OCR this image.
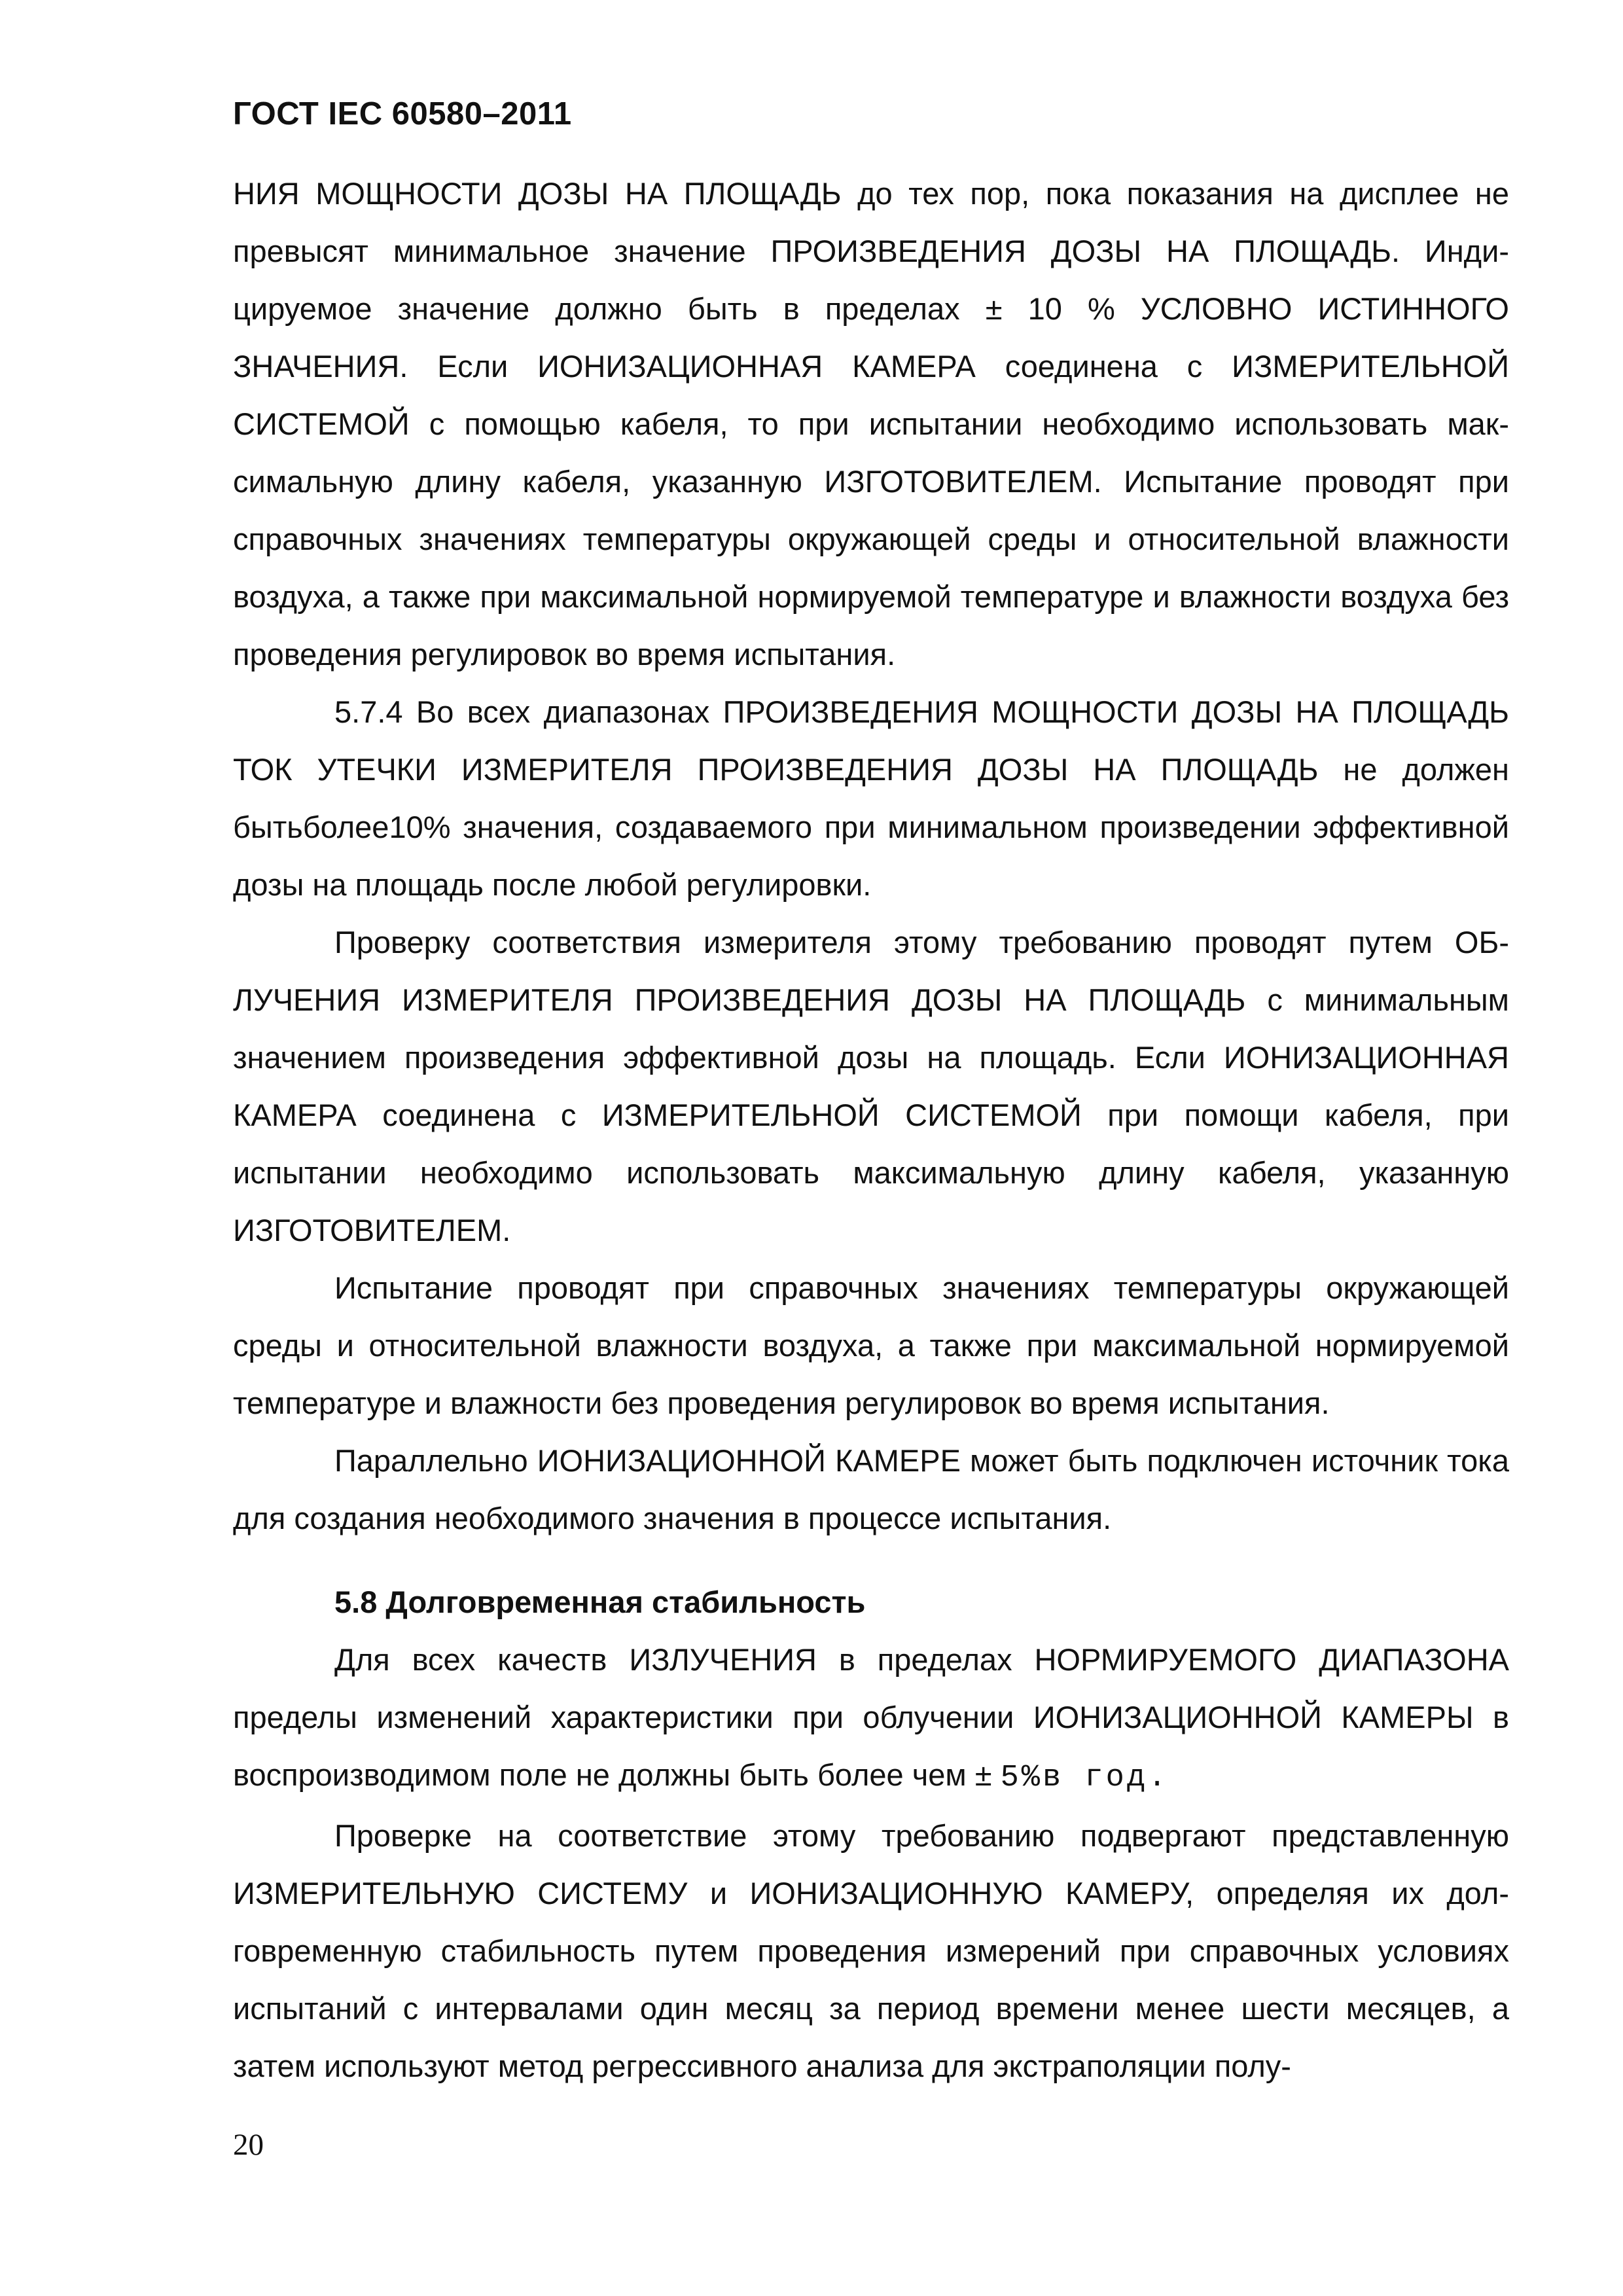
ГОСТ IEC 60580–2011

НИЯ МОЩНОСТИ ДОЗЫ НА ПЛОЩАДЬ до тех пор, пока показания на дисплее не превысят минимальное значение ПРОИЗВЕДЕНИЯ ДОЗЫ НА ПЛОЩАДЬ. Индицируемое значение должно быть в пределах ± 10 % УСЛОВНО ИСТИННОГО ЗНАЧЕНИЯ. Если ИОНИЗАЦИОННАЯ КАМЕРА соединена с ИЗМЕРИТЕЛЬНОЙ СИСТЕМОЙ с помощью кабеля, то при испытании необходимо использовать максимальную длину кабеля, указанную ИЗГОТОВИТЕЛЕМ. Испытание проводят при справочных значениях температуры окружающей среды и относительной влажности воздуха, а также при максимальной нормируемой температуре и влажности воздуха без проведения регулировок во время испытания.

5.7.4 Во всех диапазонах ПРОИЗВЕДЕНИЯ МОЩНОСТИ ДОЗЫ НА ПЛОЩАДЬ ТОК УТЕЧКИ ИЗМЕРИТЕЛЯ ПРОИЗВЕДЕНИЯ ДОЗЫ НА ПЛОЩАДЬ не должен бытьболее10% значения, создаваемого при минимальном произведении эффективной дозы на площадь после любой регулировки.

Проверку соответствия измерителя этому требованию проводят путем ОБЛУЧЕНИЯ ИЗМЕРИТЕЛЯ ПРОИЗВЕДЕНИЯ ДОЗЫ НА ПЛОЩАДЬ с минимальным значением произведения эффективной дозы на площадь. Если ИОНИЗАЦИОННАЯ КАМЕРА соединена с ИЗМЕРИТЕЛЬНОЙ СИСТЕМОЙ при помощи кабеля, при испытании необходимо использовать максимальную длину кабеля, указанную ИЗГОТОВИТЕЛЕМ.

Испытание проводят при справочных значениях температуры окружающей среды и относительной влажности воздуха, а также при максимальной нормируемой температуре и влажности без проведения регулировок во время испытания.

Параллельно ИОНИЗАЦИОННОЙ КАМЕРЕ может быть подключен источник тока для создания необходимого значения в процессе испытания.

5.8 Долговременная стабильность

Для всех качеств ИЗЛУЧЕНИЯ в пределах НОРМИРУЕМОГО ДИАПАЗОНА пределы изменений характеристики при облучении ИОНИЗАЦИОННОЙ КАМЕРЫ в воспроизводимом поле не должны быть более чем ± 5%в год.

Проверке на соответствие этому требованию подвергают представленную ИЗМЕРИТЕЛЬНУЮ СИСТЕМУ и ИОНИЗАЦИОННУЮ КАМЕРУ, определяя их долговременную стабильность путем проведения измерений при справочных условиях испытаний с интервалами один месяц за период времени менее шести месяцев, а затем используют метод регрессивного анализа для экстраполяции полу-

20
